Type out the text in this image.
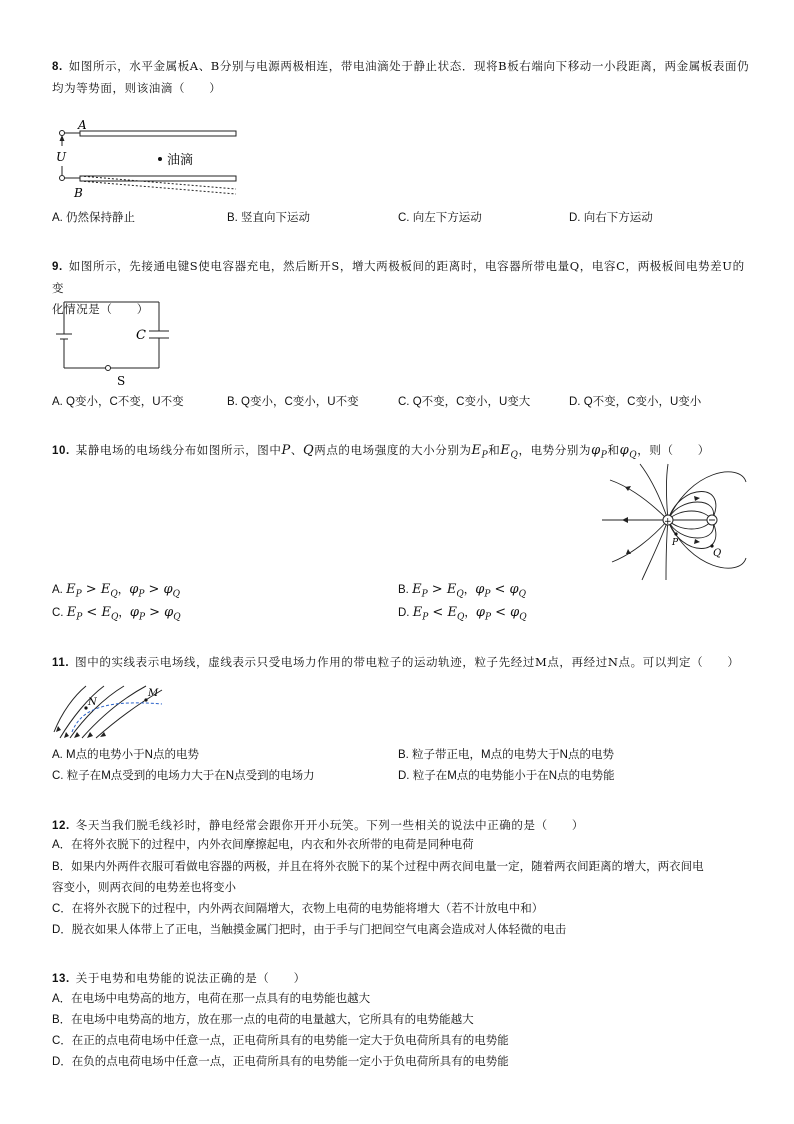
8. 如图所示，水平金属板A、B分别与电源两极相连，带电油滴处于静止状态．现将B板右端向下移动一小段距离，两金属板表面仍
均为等势面，则该油滴（　　）
A
B
U	油滴
A. 仍然保持静止	B. 竖直向下运动	C. 向左下方运动	D. 向右下方运动
9. 如图所示，先接通电键S使电容器充电，然后断开S，增大两极板间的距离时，电容器所带电量Q，电容C，两极板间电势差U的变
化情况是（　　）
C
S
A. Q变小，C不变，U不变	B. Q变小，C变小，U不变	C. Q不变，C变小，U变大	D. Q不变，C变小，U变小
10. 某静电场的电场线分布如图所示，图中P、Q两点的电场强度的大小分别为$E_P$和$E_Q$，电势分别为$\varphi_P$和$\varphi_Q$，则（　　）
+
P
Q
A. $E_P > E_Q$，$\varphi_P > \varphi_Q$	B. $E_P > E_Q$，$\varphi_P < \varphi_Q$
C. $E_P < E_Q$，$\varphi_P > \varphi_Q$	D. $E_P < E_Q$，$\varphi_P < \varphi_Q$
11. 图中的实线表示电场线，虚线表示只受电场力作用的带电粒子的运动轨迹，粒子先经过M点，再经过N点。可以判定（　　）
N
M
A. M点的电势小于N点的电势	B. 粒子带正电，M点的电势大于N点的电势
C. 粒子在M点受到的电场力大于在N点受到的电场力	D. 粒子在M点的电势能小于在N点的电势能
12. 冬天当我们脱毛线衫时，静电经常会跟你开开小玩笑。下列一些相关的说法中正确的是（　　）
A．在将外衣脱下的过程中，内外衣间摩擦起电，内衣和外衣所带的电荷是同种电荷
B．如果内外两件衣服可看做电容器的两极，并且在将外衣脱下的某个过程中两衣间电量一定，随着两衣间距离的增大，两衣间电
容变小，则两衣间的电势差也将变小
C．在将外衣脱下的过程中，内外两衣间隔增大，衣物上电荷的电势能将增大（若不计放电中和）
D．脱衣如果人体带上了正电，当触摸金属门把时，由于手与门把间空气电离会造成对人体轻微的电击
13. 关于电势和电势能的说法正确的是（　　）
A．在电场中电势高的地方，电荷在那一点具有的电势能也越大
B．在电场中电势高的地方，放在那一点的电荷的电量越大，它所具有的电势能越大
C．在正的点电荷电场中任意一点，正电荷所具有的电势能一定大于负电荷所具有的电势能
D．在负的点电荷电场中任意一点，正电荷所具有的电势能一定小于负电荷所具有的电势能
